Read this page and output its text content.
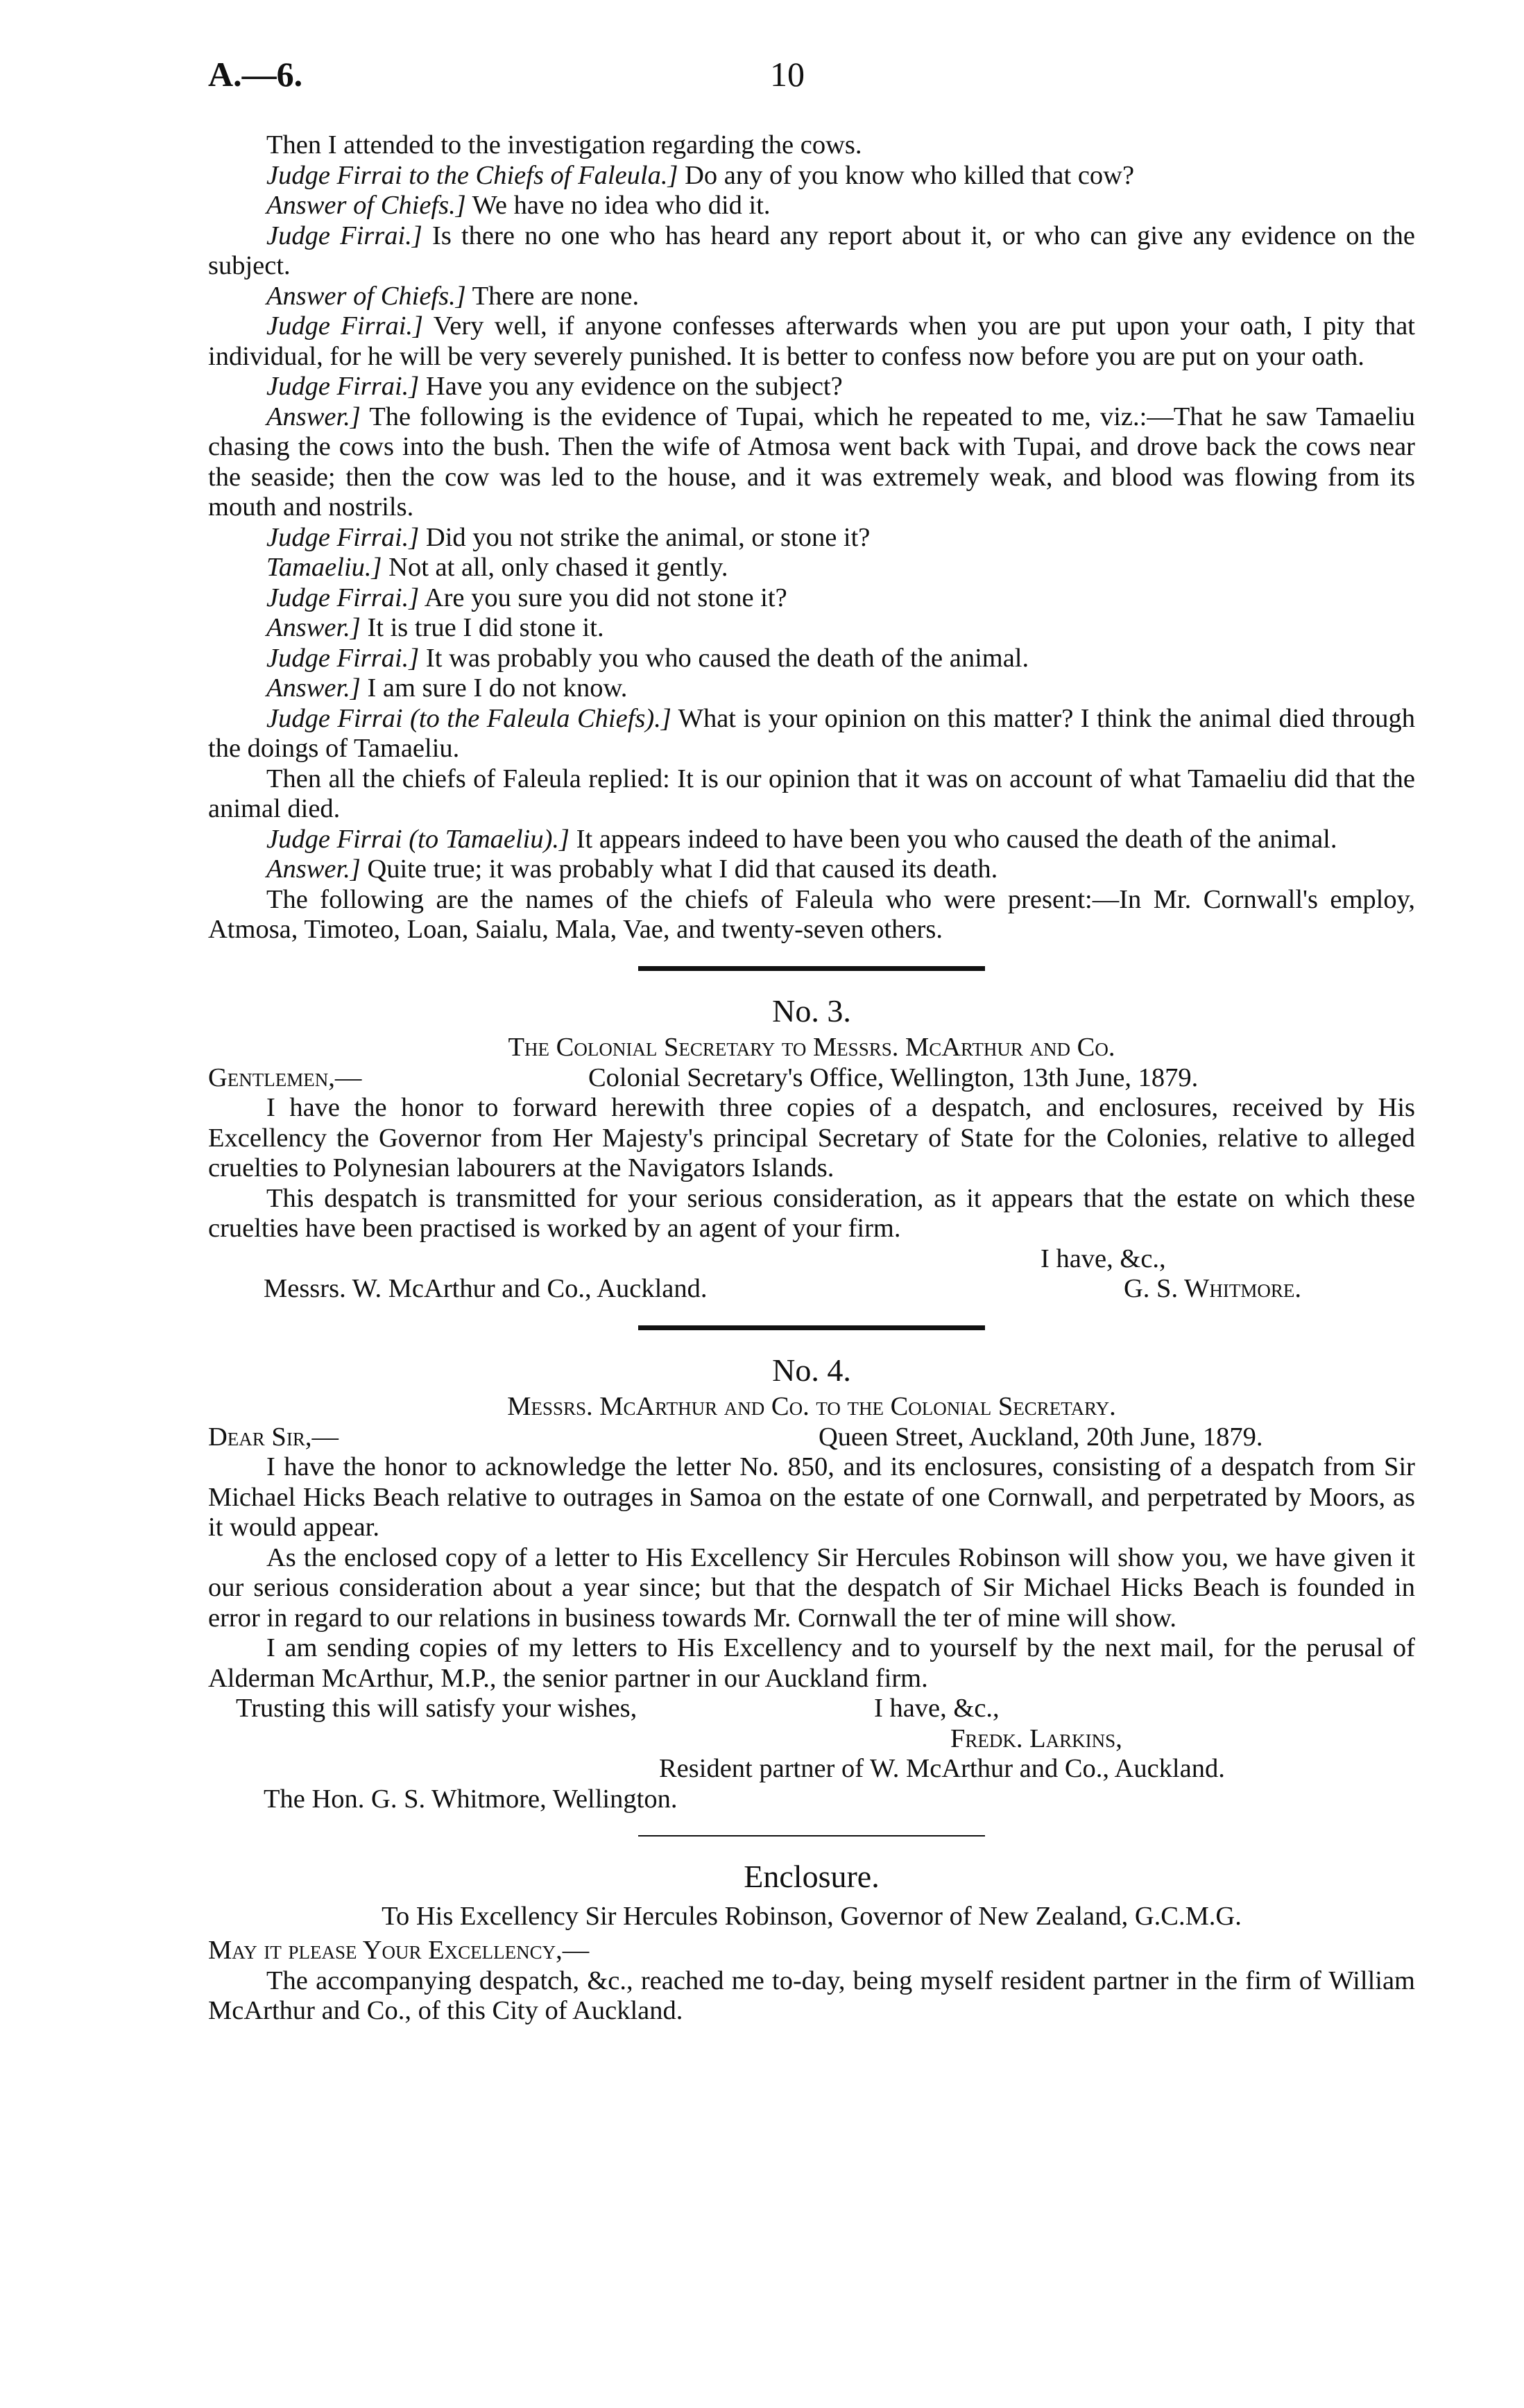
A.—6.	10

Then I attended to the investigation regarding the cows.

Judge Firrai to the Chiefs of Faleula.] Do any of you know who killed that cow?

Answer of Chiefs.] We have no idea who did it.

Judge Firrai.] Is there no one who has heard any report about it, or who can give any evidence on the subject.

Answer of Chiefs.] There are none.

Judge Firrai.] Very well, if anyone confesses afterwards when you are put upon your oath, I pity that individual, for he will be very severely punished. It is better to confess now before you are put on your oath.

Judge Firrai.] Have you any evidence on the subject?

Answer.] The following is the evidence of Tupai, which he repeated to me, viz.:—That he saw Tamaeliu chasing the cows into the bush. Then the wife of Atmosa went back with Tupai, and drove back the cows near the seaside; then the cow was led to the house, and it was extremely weak, and blood was flowing from its mouth and nostrils.

Judge Firrai.] Did you not strike the animal, or stone it?

Tamaeliu.] Not at all, only chased it gently.

Judge Firrai.] Are you sure you did not stone it?

Answer.] It is true I did stone it.

Judge Firrai.] It was probably you who caused the death of the animal.

Answer.] I am sure I do not know.

Judge Firrai (to the Faleula Chiefs).] What is your opinion on this matter? I think the animal died through the doings of Tamaeliu.

Then all the chiefs of Faleula replied: It is our opinion that it was on account of what Tamaeliu did that the animal died.

Judge Firrai (to Tamaeliu).] It appears indeed to have been you who caused the death of the animal.

Answer.] Quite true; it was probably what I did that caused its death.

The following are the names of the chiefs of Faleula who were present:—In Mr. Cornwall's employ, Atmosa, Timoteo, Loan, Saialu, Mala, Vae, and twenty-seven others.

No. 3.
The Colonial Secretary to Messrs. McArthur and Co.
Gentlemen,—	Colonial Secretary's Office, Wellington, 13th June, 1879.

I have the honor to forward herewith three copies of a despatch, and enclosures, received by His Excellency the Governor from Her Majesty's principal Secretary of State for the Colonies, relative to alleged cruelties to Polynesian labourers at the Navigators Islands.

This despatch is transmitted for your serious consideration, as it appears that the estate on which these cruelties have been practised is worked by an agent of your firm.

I have, &c.,
Messrs. W. McArthur and Co., Auckland.	G. S. Whitmore.
No. 4.
Messrs. McArthur and Co. to the Colonial Secretary.
Dear Sir,—	Queen Street, Auckland, 20th June, 1879.

I have the honor to acknowledge the letter No. 850, and its enclosures, consisting of a despatch from Sir Michael Hicks Beach relative to outrages in Samoa on the estate of one Cornwall, and perpetrated by Moors, as it would appear.

As the enclosed copy of a letter to His Excellency Sir Hercules Robinson will show you, we have given it our serious consideration about a year since; but that the despatch of Sir Michael Hicks Beach is founded in error in regard to our relations in business towards Mr. Cornwall the ter of mine will show.

I am sending copies of my letters to His Excellency and to yourself by the next mail, for the perusal of Alderman McArthur, M.P., the senior partner in our Auckland firm.

Trusting this will satisfy your wishes,	I have, &c.,
Fredk. Larkins,
Resident partner of W. McArthur and Co., Auckland.
The Hon. G. S. Whitmore, Wellington.
Enclosure.
To His Excellency Sir Hercules Robinson, Governor of New Zealand, G.C.M.G.
May it please Your Excellency,—

The accompanying despatch, &c., reached me to-day, being myself resident partner in the firm of William McArthur and Co., of this City of Auckland.
